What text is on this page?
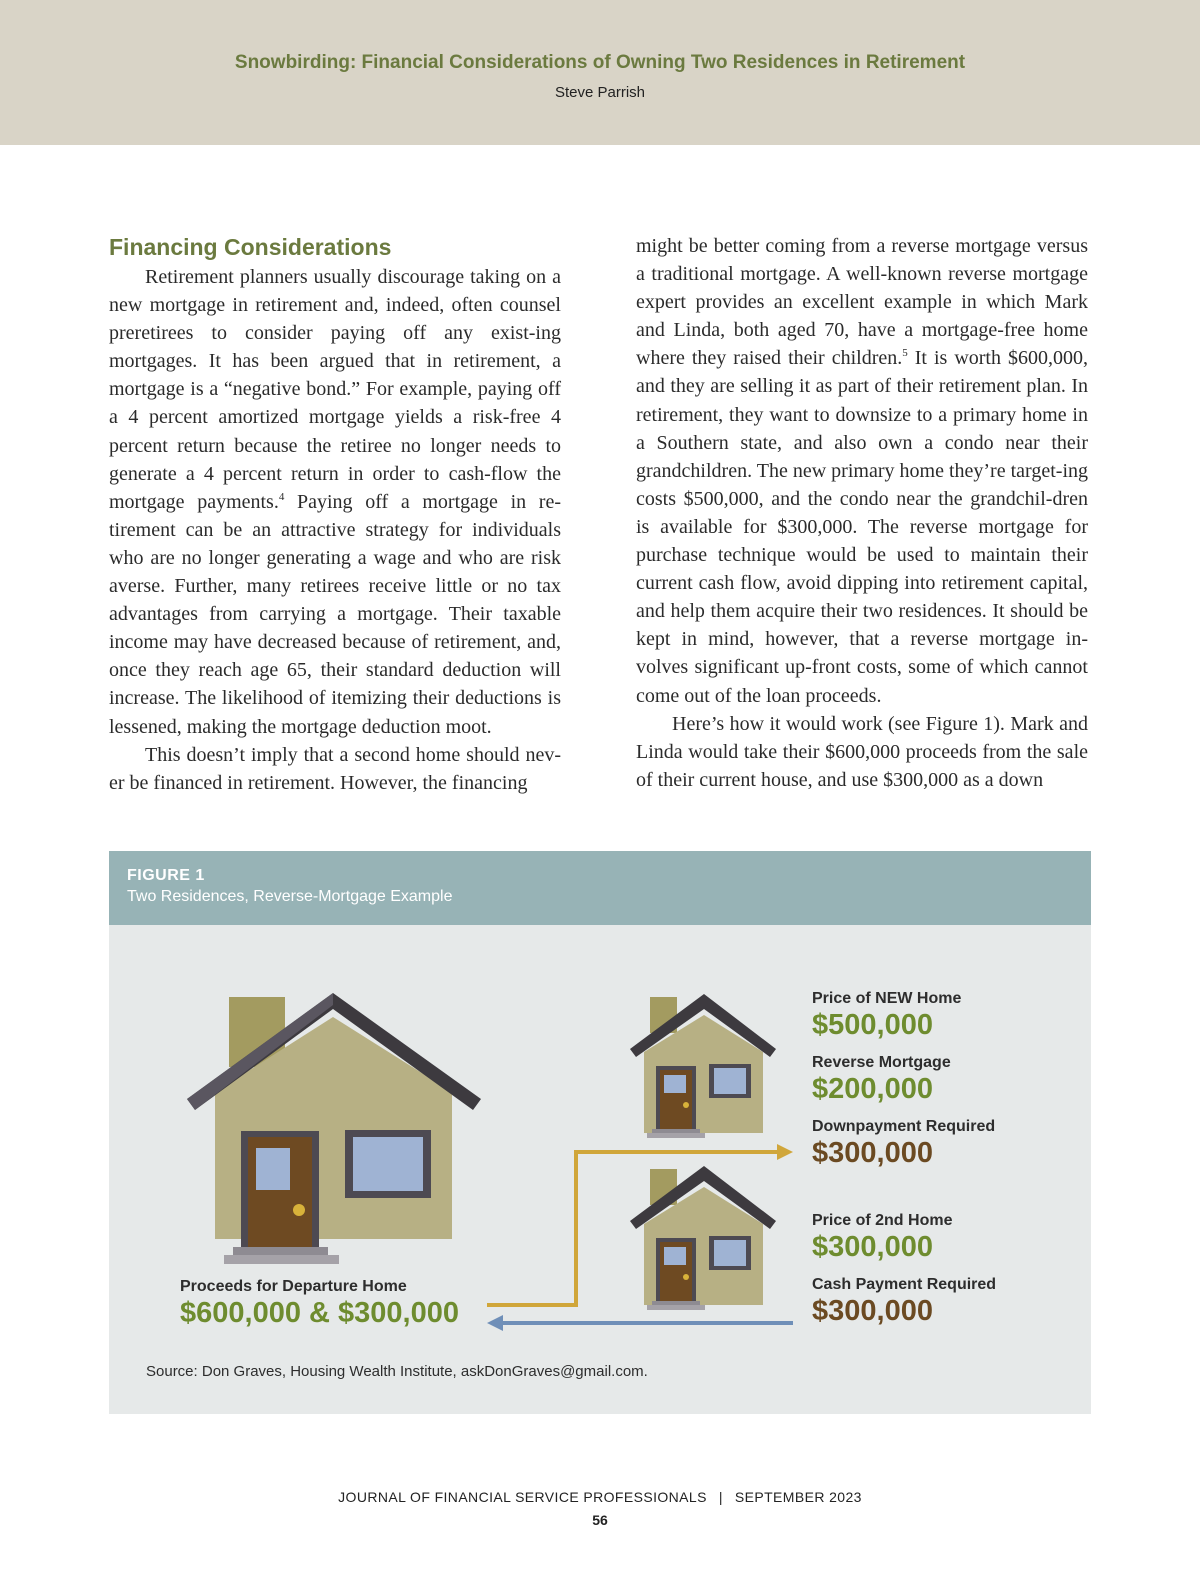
Snowbirding: Financial Considerations of Owning Two Residences in Retirement
Steve Parrish
Financing Considerations

Retirement planners usually discourage taking on a new mortgage in retirement and, indeed, often counsel preretirees to consider paying off any exist-ing mortgages. It has been argued that in retirement, a mortgage is a “negative bond.” For example, paying off a 4 percent amortized mortgage yields a risk-free 4 percent return because the retiree no longer needs to generate a 4 percent return in order to cash-flow the mortgage payments.$^4$ Paying off a mortgage in re-tirement can be an attractive strategy for individuals who are no longer generating a wage and who are risk averse. Further, many retirees receive little or no tax advantages from carrying a mortgage. Their taxable income may have decreased because of retirement, and, once they reach age 65, their standard deduction will increase. The likelihood of itemizing their deductions is lessened, making the mortgage deduction moot.

This doesn’t imply that a second home should nev-er be financed in retirement. However, the financing

might be better coming from a reverse mortgage versus a traditional mortgage. A well-known reverse mortgage expert provides an excellent example in which Mark and Linda, both aged 70, have a mortgage-free home where they raised their children.$^5$ It is worth $600,000, and they are selling it as part of their retirement plan. In retirement, they want to downsize to a primary home in a Southern state, and also own a condo near their grandchildren. The new primary home they’re target-ing costs $500,000, and the condo near the grandchil-dren is available for $300,000. The reverse mortgage for purchase technique would be used to maintain their current cash flow, avoid dipping into retirement capital, and help them acquire their two residences. It should be kept in mind, however, that a reverse mortgage in-volves significant up-front costs, some of which cannot come out of the loan proceeds.

Here’s how it would work (see Figure 1). Mark and Linda would take their $600,000 proceeds from the sale of their current house, and use $300,000 as a down

FIGURE 1
Two Residences, Reverse-Mortgage Example
Proceeds for Departure Home
$600,000 & $300,000
Price of NEW Home
$500,000
Reverse Mortgage
$200,000
Downpayment Required
$300,000
Price of 2nd Home
$300,000
Cash Payment Required
$300,000
Source: Don Graves, Housing Wealth Institute, askDonGraves@gmail.com.
JOURNAL OF FINANCIAL SERVICE PROFESSIONALS | SEPTEMBER 2023
56
